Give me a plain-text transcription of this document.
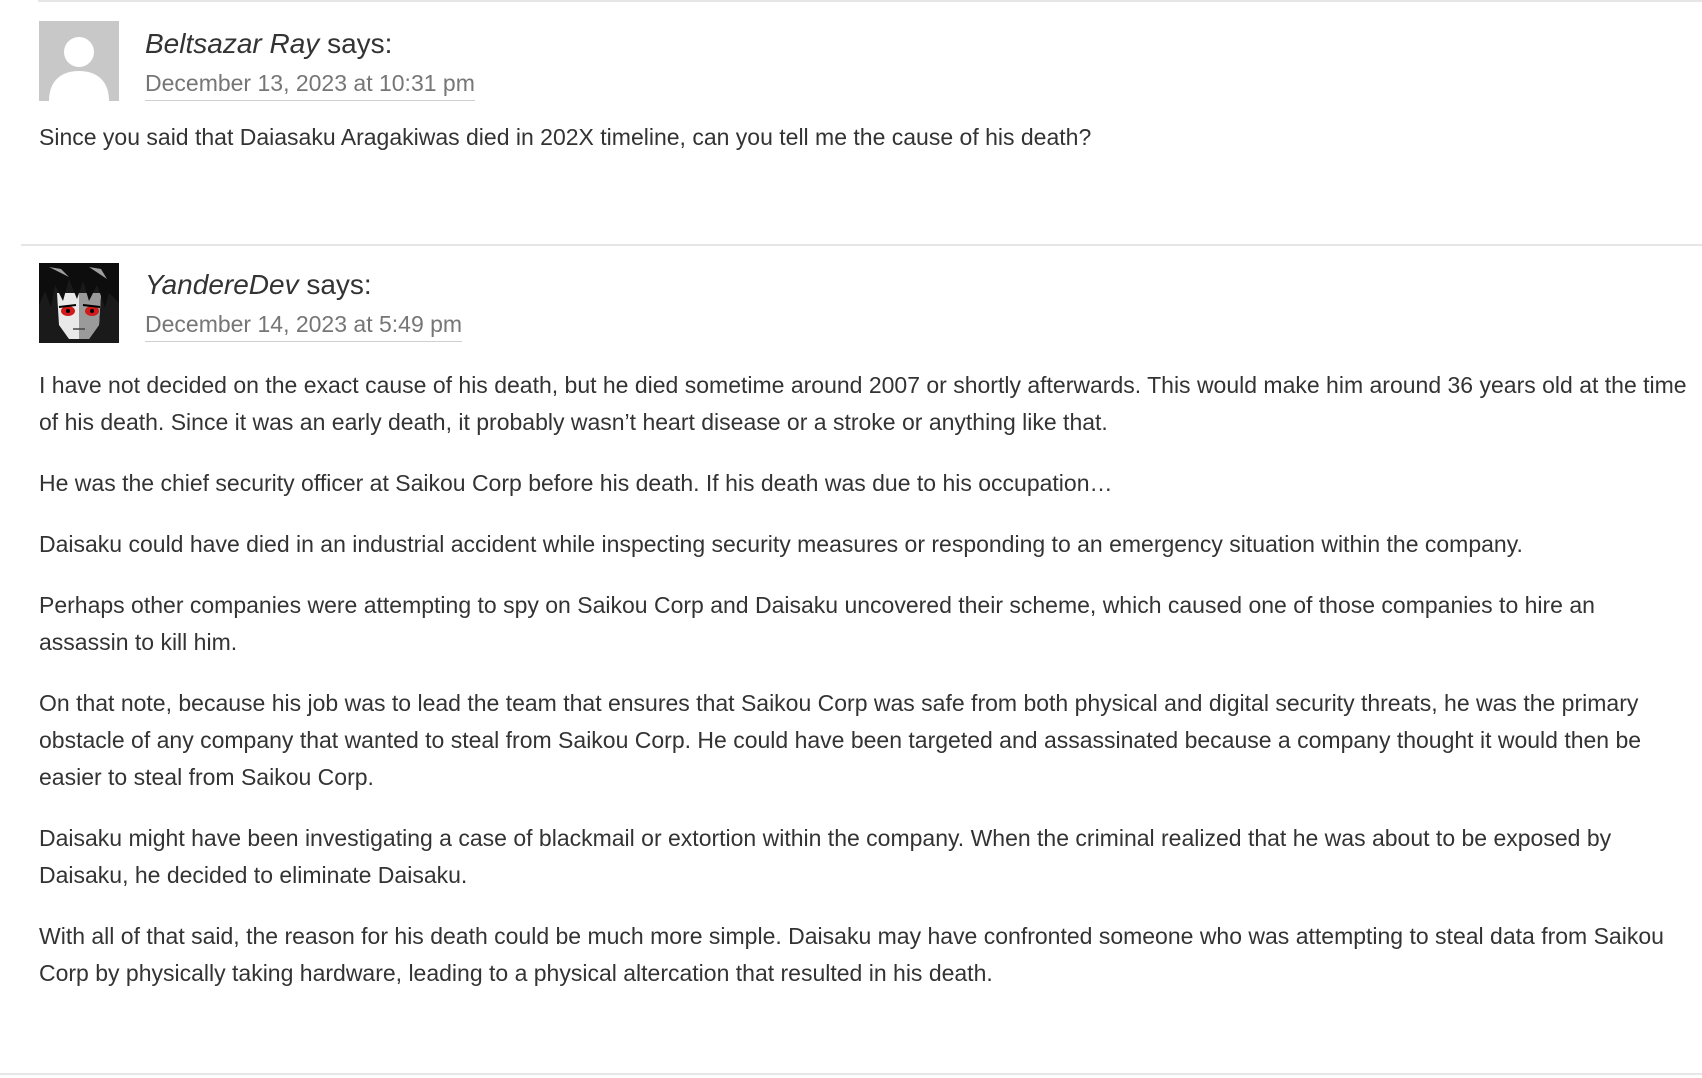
Beltsazar Ray says:
December 13, 2023 at 10:31 pm

Since you said that Daiasaku Aragakiwas died in 202X timeline, can you tell me the cause of his death?

YandereDev says:
December 14, 2023 at 5:49 pm

I have not decided on the exact cause of his death, but he died sometime around 2007 or shortly afterwards. This would make him around 36 years old at the time of his death. Since it was an early death, it probably wasn’t heart disease or a stroke or anything like that.

He was the chief security officer at Saikou Corp before his death. If his death was due to his occupation…

Daisaku could have died in an industrial accident while inspecting security measures or responding to an emergency situation within the company.

Perhaps other companies were attempting to spy on Saikou Corp and Daisaku uncovered their scheme, which caused one of those companies to hire an assassin to kill him.

On that note, because his job was to lead the team that ensures that Saikou Corp was safe from both physical and digital security threats, he was the primary obstacle of any company that wanted to steal from Saikou Corp. He could have been targeted and assassinated because a company thought it would then be easier to steal from Saikou Corp.

Daisaku might have been investigating a case of blackmail or extortion within the company. When the criminal realized that he was about to be exposed by Daisaku, he decided to eliminate Daisaku.

With all of that said, the reason for his death could be much more simple. Daisaku may have confronted someone who was attempting to steal data from Saikou Corp by physically taking hardware, leading to a physical altercation that resulted in his death.
